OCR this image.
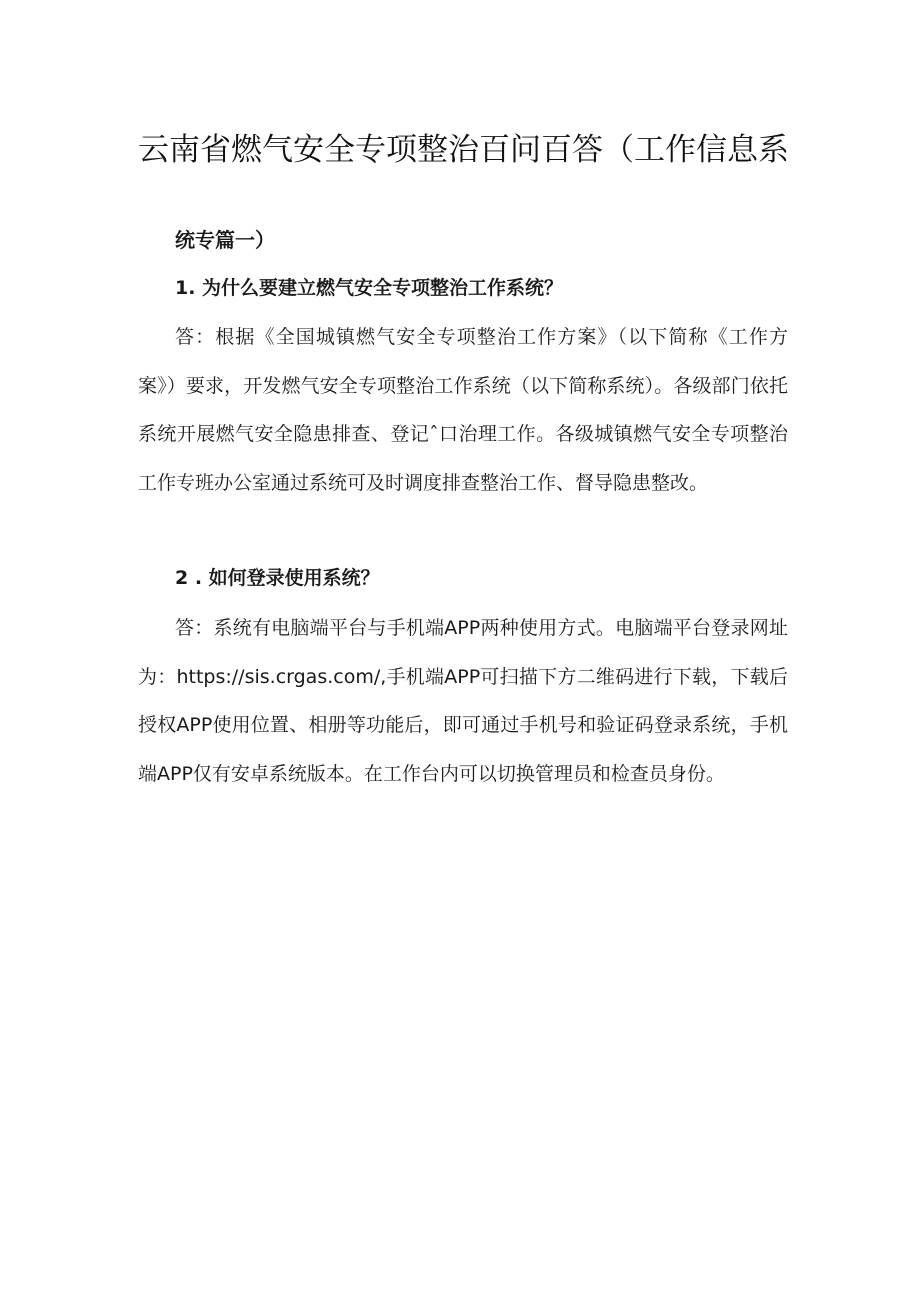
云南省燃气安全专项整治百问百答（工作信息系
统专篇一）
1. 为什么要建立燃气安全专项整治工作系统？
答：根据《全国城镇燃气安全专项整治工作方案》（以下简称《工作方案》）要求，开发燃气安全专项整治工作系统（以下简称系统）。各级部门依托系统开展燃气安全隐患排查、登记ˆ口治理工作。各级城镇燃气安全专项整治工作专班办公室通过系统可及时调度排查整治工作、督导隐患整改。
2 . 如何登录使用系统？
答：系统有电脑端平台与手机端APP两种使用方式。电脑端平台登录网址为：https://sis.crgas.com/,手机端APP可扫描下方二维码进行下载，下载后授权APP使用位置、相册等功能后，即可通过手机号和验证码登录系统，手机端APP仅有安卓系统版本。在工作台内可以切换管理员和检查员身份。
